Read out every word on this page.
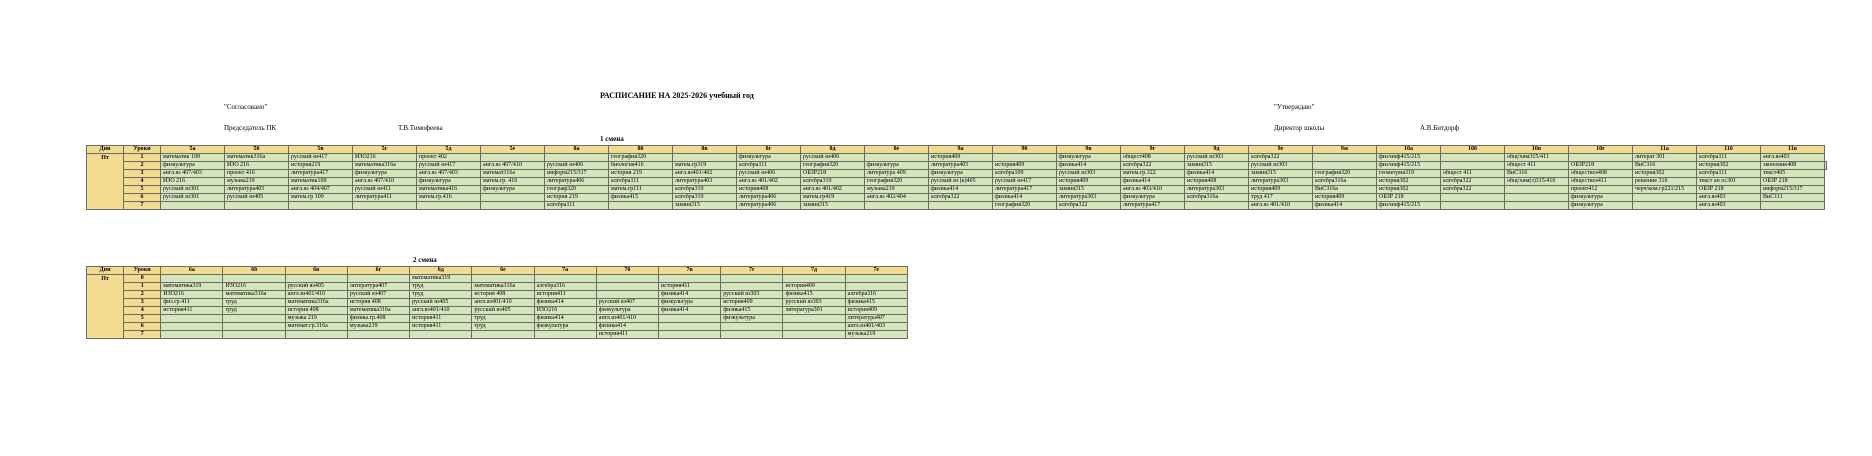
РАСПИСАНИЕ НА 2025-2026 учебный год
"Согласовано"
Председатель ПК	Т.В.Тимофеева
"Утверждаю"
Директор школы	А.В.Битдорф
1 смена
Дни	Уроки	5а	5б	5в	5г	5д	5е	8а	8б	8в	8г	8д	8е	9а	9б	9в	9г	9д	9е	9ж	10а	10б	10в	10г	11а	11б	11в	
Пт	1	математик 109	математик316а	русский яз417	ИЗО216	проект 402			география320		физкультура	русский яз406		история409		физкультура	общест408	русский яз303	алгебра322		физ/инф415/215		общ/хим315/411		литерат 301	алгебра111	англ.яз403	
	2	физкультура	ИЗО 216	история219	математика316а	русский яз417	англ.яз 407/410	русский яз406	биология416	матем.гр319	алгебра111	география320	физкультура	литература405	история409	физика414	алгебра322	химия315	русский яз303		физ/инф415/215		общест 411	ОБЗР218	ВиС316	история302	экономик408	
	3	англ.яз 407/403	проект 416	литература417	физкультура	англ.яз 407/403	математ316а	информ215/317	история 219	англ.яз401/402	русский яз406	ОБЗР218	литература 409	физкультура	алгебра109	русский яз303	матем.гр.322	физика414	химия315	география320	геометрия319	общест 411	ВиС316	обществоз408	история302	алгебра111	текст405	
	4	ИЗО 216	музыка219	математик109	англ.яз 407/410	физкультура	матем.гр. 416	литература406	алгебра111	литература403	англ.яз 401/402	алгебра319	география320	русский яз (к)405	русский яз417	история409	физика414	история408	литература303	алгебра316а	история302	алгебра322	общ/хим(з)315/410	обществоз411	решение 316	текст ан ос301	ОБЗР 218	
	5	русский яз301	литература405	англ.яз 404/407	русский яз411	математика416	физкультура	географ320	матем.гр111	алгебра319	история408	англ.яз 401/402	музыка219	физика414	литература417	химия315	англ.яз 403/410	литература303	история409	ВиС316а	история302	алгебра322		проект412	черч/ком.гр221/215	ОБЗР 218	информ215/317	
	6	русский яз301	русский яз405	матем.гр 109	литература411	матем.гр.416		история 219	физика415	алгебра319	литература406	матем.гр419	англ.яз 402/404	алгебра322	физика414	литература303	физкультура	алгебра316а	труд 417	история409	ОБЗР 218			физкультура		англ.яз403	ВиС111	
	7							алгебра111		химия315	литература406	химия315			география320	алгебра322	литература417		англ.яз 401/410	физика414	физ/инф415/215			физкультура		англ.яз403		
2 смена
Дни	Уроки	6а	6б	6в	6г	6д	6е	7а	7б	7в	7г	7д	7е
Пт	0					математика319							
	1	математика319	ИЗО216	русский яз405	литература407	труд	математика316а	алгебра316		история411		история409	
	2	ИЗО216	математика316а	англ.яз401/410	русский яз407	труд	история 408	история411		физика414	русский яз303	физика415	алгебра316
	3	физ.гр.411	труд	математика316а	история 408	русский яз405	англ.яз401/410	физика414	русский яз407	физкультура	история409	русский яз303	физика415
	4	история411	труд	история 408	математика316а	англ.яз401/410	русский яз405	ИЗО216	физкультура	физика414	физика415	литература301	история409
	5			музыка 219	физика.гр.408	история411	труд	физика414	англ.яз401/410		физкультура		литература407
	6			математ.гр.316а	музыка219	история411	труд	физкультура	физика414				англ.яз401/403
	7								история411				музыка219
